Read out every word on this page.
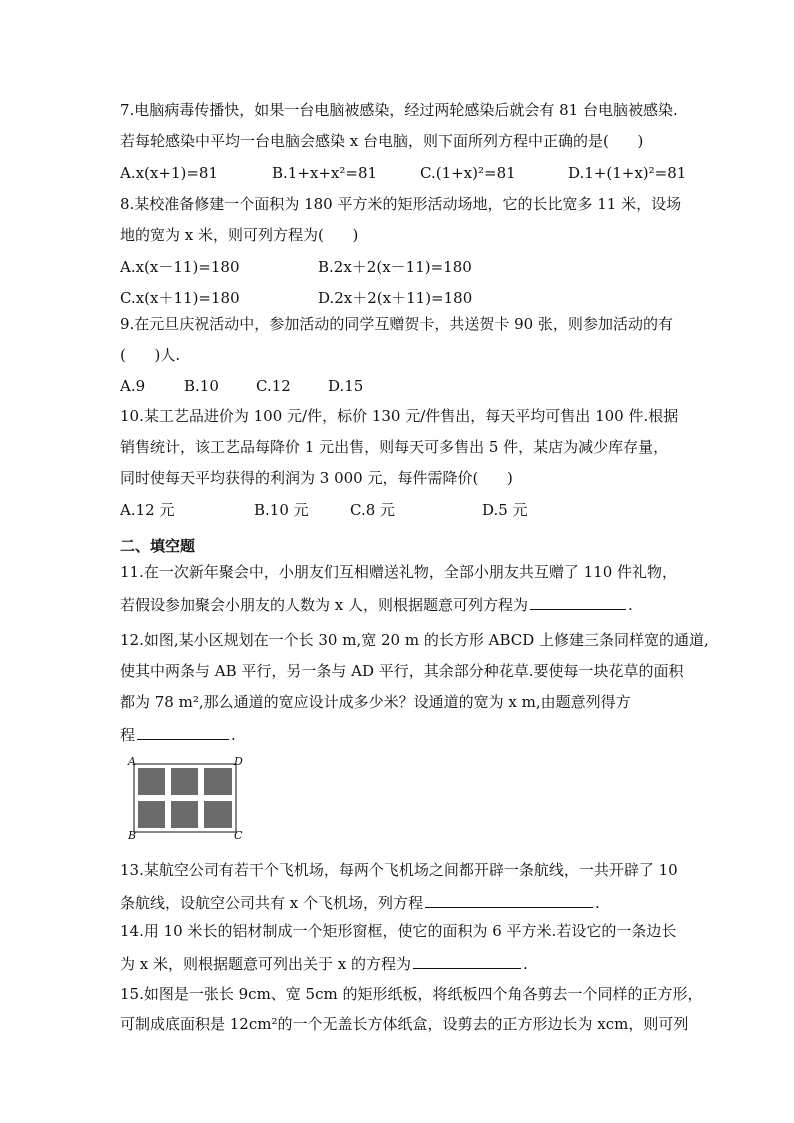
7.电脑病毒传播快，如果一台电脑被感染，经过两轮感染后就会有 81 台电脑被感染.
若每轮感染中平均一台电脑会感染 x 台电脑，则下面所列方程中正确的是(      )
A.x(x+1)=81	B.1+x+x²=81	C.(1+x)²=81	D.1+(1+x)²=81
8.某校准备修建一个面积为 180 平方米的矩形活动场地，它的长比宽多 11 米，设场
地的宽为 x 米，则可列方程为(      )
A.x(x－11)=180	B.2x＋2(x－11)=180
C.x(x＋11)=180	D.2x＋2(x＋11)=180
9.在元旦庆祝活动中，参加活动的同学互赠贺卡，共送贺卡 90 张，则参加活动的有
(      )人.
A.9	B.10 C.12 D.15
10.某工艺品进价为 100 元/件，标价 130 元/件售出，每天平均可售出 100 件.根据
销售统计，该工艺品每降价 1 元出售，则每天可多售出 5 件，某店为减少库存量，
同时使每天平均获得的利润为 3 000 元，每件需降价(      )
A.12 元	B.10 元	C.8 元	D.5 元
二、填空题
11.在一次新年聚会中，小朋友们互相赠送礼物，全部小朋友共互赠了 110 件礼物，
若假设参加聚会小朋友的人数为 x 人，则根据题意可列方程为	.
12.如图,某小区规划在一个长 30 m,宽 20 m 的长方形 ABCD 上修建三条同样宽的通道,
使其中两条与 AB 平行，另一条与 AD 平行，其余部分种花草.要使每一块花草的面积
都为 78 m²,那么通道的宽应设计成多少米？设通道的宽为 x m,由题意列得方
程	.
A
B	C
D
13.某航空公司有若干个飞机场，每两个飞机场之间都开辟一条航线，一共开辟了 10
条航线，设航空公司共有 x 个飞机场，列方程	.
14.用 10 米长的铝材制成一个矩形窗框，使它的面积为 6 平方米.若设它的一条边长
为 x 米，则根据题意可列出关于 x 的方程为	.
15.如图是一张长 9cm、宽 5cm 的矩形纸板，将纸板四个角各剪去一个同样的正方形，
可制成底面积是 12cm²的一个无盖长方体纸盒，设剪去的正方形边长为 xcm，则可列
